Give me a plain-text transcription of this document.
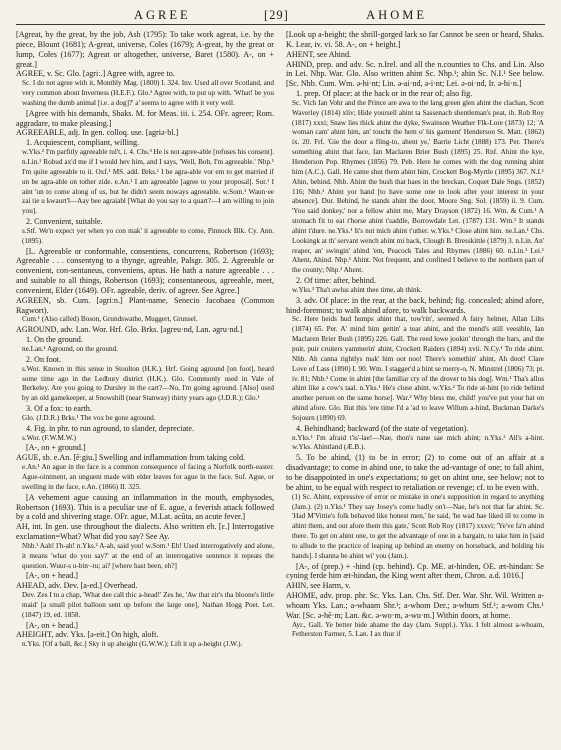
AGREE	[29]	AHOME

[Agreat, by the great, by the job, Ash (1795): To take work agreat, i.e. by the piece, Blount (1681); A-great, universe, Coles (1679); A-great, by the great or lump, Coles (1677); Agreat or altogether, universe, Baret (1580). A-, on + great.]

AGREE, v. Sc. Glo. [əgriː.] Agree with, agree to.

Sc. I do not agree with it, Monthly Mag. (1800) I. 324. Inv. Used all over Scotland, and very common about Inverness (H.E.F.). Glo.¹ Agree with, to put up with. 'What! be you washing the dumb animal [i.e. a dog]?' a' seems to agree with it very well.

[Agree with his demands, Shaks. M. for Meas. iii. i. 254. OFr. agreer; Rom. aggradare, to make pleasing.]

AGREEABLE, adj. In gen. colloq. use. [agriə·bl.]

1. Acquiescent, compliant, willing.

w.Yks.² I'm parfitly agreeable tul't, i. 4. Chs.³ He is not agree-able [refuses his consent]. n.Lin.¹ Robud ax'd me if I would hev him, and I says, 'Well, Bob, I'm agreeable.' Nhp.¹ I'm quite agreeable to it. Oxf.¹ MS. add. Brks.¹ I be agra-able vor em to get married if un be agra-able on tother zide. e.An.¹ I am agreeable [agree to your proposal]. Sur.¹ I aint 'un to come along of us, but he didn't seem noways agreeable. w.Som.¹ Waun·ee zai tie u kwaurt'l—Aay bee agraiabl [What do you say to a quart?—I am willing to join you].

2. Convenient, suitable.

s.Stf. We'n expect yer when yo con mak' it agreeable to come, Pinnock Blk. Cy. Ann. (1895).

[L. Agreeable or conformable, consentiens, concurrens, Robertson (1693); Agreeable . . . consentyng to a thynge, agreable, Palsgr. 305. 2. Agreeable or convenient, con-sentaneus, conveniens, aptus. He hath a nature agreeable . . . and suitable to all things, Robertson (1693); consentaneous, agreeable, meet, convenient, Elder (1649). OFr. agreable, deriv. of agreer. See Agree.]

AGREEN, sb. Cum. [əgriːn.] Plant-name, Senecio Jacobaea (Common Ragwort).

Cum.¹ (Also called) Boson, Grundswathe, Muggert, Grunsel.

AGROUND, adv. Lan. Wor. Hrf. Glo. Brks. [əgreu·nd, Lan. əgru·nd.]

1. On the ground.

ne.Lan.¹ Aground, on the ground.

2. On foot.

s.Wor. Known in this sense in Stoulton (H.K.). Hrf. Going aground [on foot], heard some time ago in the Ledbury district (H.K.). Glo. Commonly used in Vale of Berkeley. Are you going to Dursley in the cart?—No, I'm going aground. [Also] used by an old gamekeeper, at Snowshill (near Stanway) thirty years ago (J.D.R.); Glo.¹

3. Of a fox: to earth.

Glo. (J.D.R.) Brks.¹ The vox be gone aground.

4. Fig. in phr. to run aground, to slander, depreciate.

s.Wor. (F.W.M.W.)

[A-, on + ground.]

AGUE, sb. e.An. [ēːgiu.] Swelling and inflammation from taking cold.

e.An.¹ An ague in the face is a common consequence of facing a Norfolk north-easter. Ague-ointment, an unguent made with elder leaves for ague in the face. Suf. Ague, or swelling in the face, e.An. (1866) II. 325.

[A vehement ague causing an inflammation in the mouth, emphysodes, Robertson (1693). This is a peculiar use of E. ague, a feverish attack followed by a cold and shivering stage. OFr. ague, M.Lat. acūta, an acute fever.]

AH, int. In gen. use throughout the dialects. Also written eh. [ɛ.] Interrogative exclamation=What? What did you say? See Ay.

Nhb.¹ Aah! I'h-ah! n.Yks.² A-ah, said you! w.Som.¹ Eh! Used interrogatively and alone, it means 'what do you say?' at the end of an interrogative sentence it repeats the question. Wuur-s u-bin·-tu; ai? [where hast been, eh?]

[A-, on + head.]

AHEAD, adv. Dev. [a-ed.] Overhead.

Dev. Zes I tu a chap, 'What dee call thic a-head!' Zes he, 'Aw that zir's tha bloone's little maid' [a small pilot balloon sent up before the large one], Nathan Hogg Poet. Let. (1847) 19, ed. 1858.

[A-, on + head.]

AHEIGHT, adv. Yks. [ə-eit.] On high, aloft.

n.Yks. [Of a ball, &c.] Sky it up aheight (G.W.W.); Lift it up a-height (J.W.).

[Look up a-height; the shrill-gorged lark so far Cannot be seen or heard, Shaks. K. Lear, iv. vi. 58. A-, on + height.]

AHENT, see Ahind.

AHIND, prep. and adv. Sc. n.Irel. and all the n.counties to Chs. and Lin. Also in Lei. Nhp. War. Glo. Also written ahint Sc. Nhp.¹; ahin Sc. N.I.¹ See below. [Sc. Nhb. Cum. Wm. ə-hi·nt; Lin. ə-ai·nd, ə-i·nt; Lei. ə-oi·nd, Ir. ə-hi·n.]

1. prep. Of place: at the back or in the rear of; also fig.

Sc. Vich Ian Vohr and the Prince are awa to the lang green glen ahint the clachan, Scott Waverley (1814) xliv; Hide yoursell ahint ta Sassenach shentleman's peat, ib. Rob Roy (1817) xxxi; Snaw lies thick ahint the dyke, Swainson Weather Flk-Lore (1873) 12; 'A woman cam' ahint him, an' toucht the hem o' his garment' Henderson St. Matt. (1862) ix. 20. Frf. 'Gie the door a fling-to, ahent ye,' Barrie Licht (1888) 173. Per. There's something ahint that face, Ian Maclaren Brier Bush (1895) 25. Rnf. Ahint the kye, Henderson Pop. Rhymes (1856) 79. Peb. Here he comes with the dog running ahint him (A.C.). Gall. He came shut them ahint him, Crockett Bog-Myrtle (1895) 367. N.I.¹ Ahin, behind. Nhb. Ahint the bush that haes in the breckan, Coquet Dale Sngs. (1852) 116; Nhb.¹ Ahint yor hand [to have some one to look after your interest in your absence]. Dur. Behind, he stands ahint the door, Moore Sng. Sol. (1859) ii. 9. Cum. 'You said donkey,' nor a fellow ahint me, Mary Drayson (1872) 16. Wm. & Cum.¹ A stomach fit to eat t'horse ahint t'saddle, Borrowdale Let. (1787) 131. Wm.¹ It stands ahint t'dure. ne.Yks.¹ It's nut mich ahint t'uther. w.Yks.⁵ Close ahint him. ne.Lan.¹ Chs. Lookingk at th' servant wench ahint mi back, Clough B. Bresskittle (1879) 3. n.Lin. An' reaper, an' swingin' ahind 'em, Peacock Tales and Rhymes (1886) 60. n.Lin.¹ Lei.¹ Ahent, Ahind. Nhp.¹ Ahint. Not frequent, and confined I believe to the northern part of the county; Nhp.² Ahent.

2. Of time: after, behind.

w.Yks.³ Tha't awlus ahint thee time, ah think.

3. adv. Of place: in the rear, at the back, behind; fig. concealed; ahind afore, hind-foremost; to walk ahind afore, to walk backwards.

Sc. Here heids hud humps ahint that, tow'rin', seemed A fairy helmet, Allan Lilts (1874) 65. Per. A' mind him gettin' a tear ahint, and the mend's still veesible, Ian Maclaren Brier Bush (1895) 226. Gall. The reed lowe jookin' through the bars, and the puir, puir cruiters yammerin' ahint, Crockett Raiders (1894) xvii. N.Cy.¹ To ride ahint. Nhb. Ah canna rightlys mak' him oot noo! There's somethin' ahint, Ah doot! Clare Love of Lass (1890) I. 90. Wm. I stagger'd a hint se merry-o, N. Minstrel (1806) 73; pt. iv. 81; Nhb.¹ Come in ahint [the familiar cry of the drover to his dog]. Wm.¹ Tha's allus ahint like a cow's taal. n.Yks.¹ He's close ahint. w.Yks.² To ride at-hint [to ride behind another person on the same horse]. War.² Why bless me, child! you've put your hat on ahind afore. Glo. But this 'ere time I'd a 'ad to leave Willum a-hind, Buckman Darke's Sojourn (1890) 69.

4. Behindhand; backward (of the state of vegetation).

n.Yks.¹ I'm afraid t'is'-lae!—Nae, thon's nane sae mich ahint; n.Yks.² All's a-hint. w.Yks. Ahintland (Æ.B.).

5. To be ahind, (1) to be in error; (2) to come out of an affair at a disadvantage; to come in ahind one, to take the ad-vantage of one; to fall ahint, to be disappointed in one's expectations; to get on ahint one, see below; not to be ahint, to be equal with respect to retaliation or revenge; cf. to be even with.

(1) Sc. Ahint, expressive of error or mistake in one's supposition in regard to anything (Jam.). (2) n.Yks.¹ They say Josey's come badly on't—Nae, he's not that far ahint. Sc. 'Had M'Vittie's folk behaved like honest men,' he said, 'he wad hae liked ill to come in ahint them, and out afore them this gate,' Scott Rob Roy (1817) xxxvi; 'Ye've fa'n ahind there. To get on ahint one, to get the advantage of one in a bargain, to take him in [said to allude to the practice of leaping up behind an enemy on horseback, and holding his hands]. I shanna be ahint wi' you (Jam.).

[A-, of (prep.) + -hind (cp. behind). Cp. ME. at-hinden, OE. æt-hindan: Se cyning ferde him æt-hindan, the King went after them, Chron. a.d. 1016.]

AHIN, see Harm, v.

AHOME, adv. prop. phr. Sc. Yks. Lan. Chs. Stf. Der. War. Shr. Wil. Written a-whoam Yks. Lan.; a-whaam Shr.¹; a-whom Der.; a-whum Stf.¹; a-wom Chs.¹ War. [Sc. ə-hē·m; Lan. &c. ə-wo·m, ə-wu·m.] Within doors, at home.

Ayr., Gall. Ye better bide ahame the day (Jam. Suppl.). Yks. I felt almost a-whoam, Fetherston Farmer, 5. Lan. I ax thur if
